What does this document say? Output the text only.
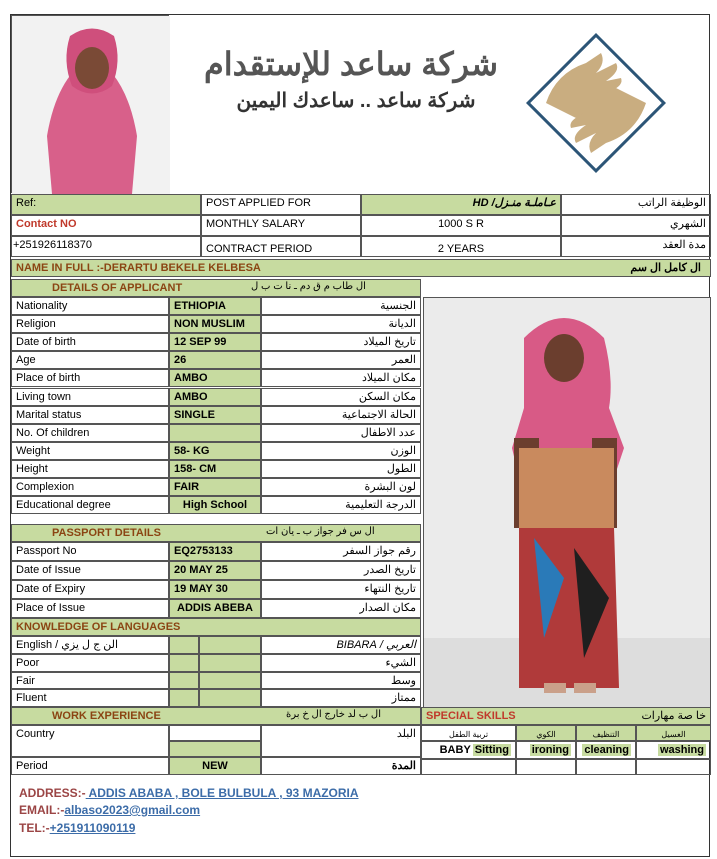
شركة ساعد للإستقدام
شركة ساعد .. ساعدك اليمين
Ref:	POST APPLIED FOR	عـاملـة منـزل/ HD	الوظيفة الراتب
Contact NO	MONTHLY SALARY	1000 S R	الشهري
+251926118370	CONTRACT PERIOD	2 YEARS	مدة العقد
NAME IN FULL :-DERARTU BEKELE KELBESA	ال كامل ال سم
DETAILS OF APPLICANT	ال طاب م ق دم ـ نا ت ب ل
Nationality	ETHIOPIA	الجنسية
Religion	NON MUSLIM	الديانة
Date of birth	12 SEP 99	تاريخ الميلاد
Age	26	العمر
Place of birth	AMBO	مكان الميلاد
Living town	AMBO	مكان السكن
Marital status	SINGLE	الحالة الاجتماعية
No. Of children	عدد الاطفال
Weight	58- KG	الوزن
Height	158- CM	الطول
Complexion	FAIR	لون البشرة
Educational degree	High School	الدرجة التعليمية
PASSPORT DETAILS	ال س فر جواز ب ـ يان ات
Passport No	EQ2753133	رقم جواز السفر
Date of Issue	20 MAY 25	تاريخ الصدر
Date of Expiry	19 MAY 30	تاريخ النتهاء
Place of Issue	ADDIS ABEBA	مكان الصدار
KNOWLEDGE OF LANGUAGES
English / الن ج ل يزي	العربي / BIBARA
Poor	الشيء
Fair	وسط
Fluent	ممتاز
WORK EXPERIENCE	ال ب لد خارج ال خ برة
Country	البلد
Period	NEW	المدة
SPECIAL SKILLS	خا صة مهارات
تربية الطفل	الكوي	التنظيف	الغسيل
BABY Sitting	ironing	cleaning	washing
ADDRESS:- ADDIS ABABA , BOLE BULBULA , 93 MAZORIA
EMAIL:-albaso2023@gmail.com
TEL:-+251911090119
